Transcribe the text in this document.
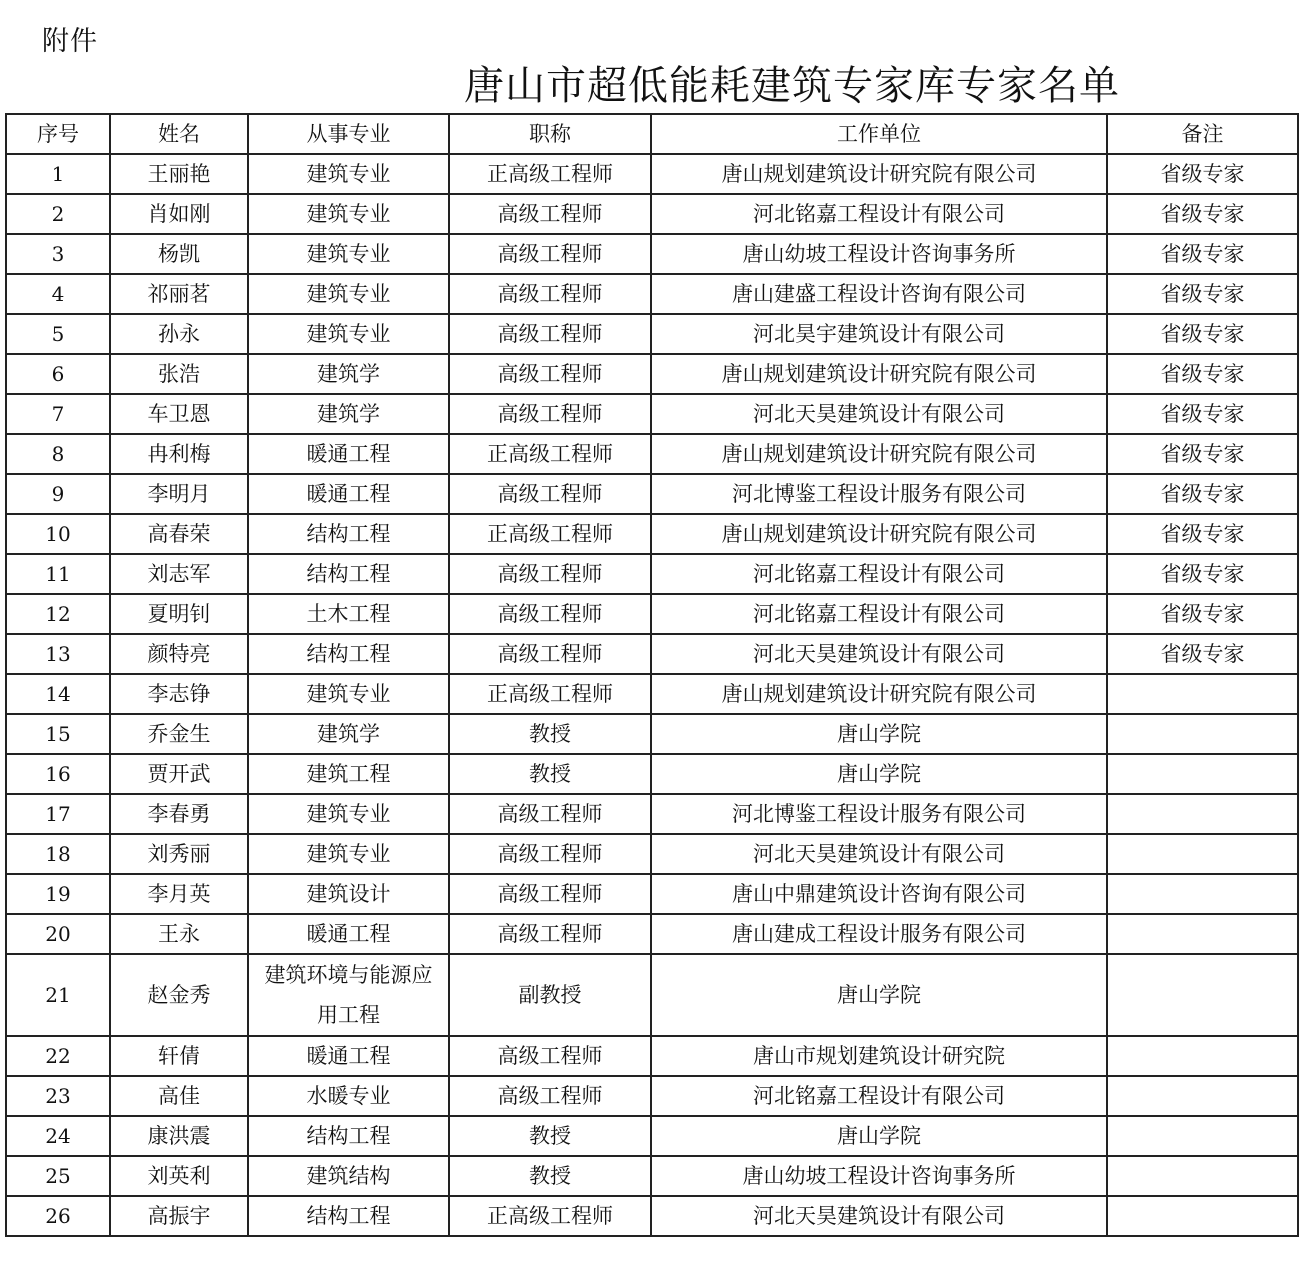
附件
唐山市超低能耗建筑专家库专家名单
序号	姓名	从事专业	职称	工作单位	备注
1	王丽艳	建筑专业	正高级工程师	唐山规划建筑设计研究院有限公司	省级专家
2	肖如刚	建筑专业	高级工程师	河北铭嘉工程设计有限公司	省级专家
3	杨凯	建筑专业	高级工程师	唐山幼坡工程设计咨询事务所	省级专家
4	祁丽茗	建筑专业	高级工程师	唐山建盛工程设计咨询有限公司	省级专家
5	孙永	建筑专业	高级工程师	河北昊宇建筑设计有限公司	省级专家
6	张浩	建筑学	高级工程师	唐山规划建筑设计研究院有限公司	省级专家
7	车卫恩	建筑学	高级工程师	河北天昊建筑设计有限公司	省级专家
8	冉利梅	暖通工程	正高级工程师	唐山规划建筑设计研究院有限公司	省级专家
9	李明月	暖通工程	高级工程师	河北博鉴工程设计服务有限公司	省级专家
10	高春荣	结构工程	正高级工程师	唐山规划建筑设计研究院有限公司	省级专家
11	刘志军	结构工程	高级工程师	河北铭嘉工程设计有限公司	省级专家
12	夏明钊	土木工程	高级工程师	河北铭嘉工程设计有限公司	省级专家
13	颜特亮	结构工程	高级工程师	河北天昊建筑设计有限公司	省级专家
14	李志铮	建筑专业	正高级工程师	唐山规划建筑设计研究院有限公司	
15	乔金生	建筑学	教授	唐山学院	
16	贾开武	建筑工程	教授	唐山学院	
17	李春勇	建筑专业	高级工程师	河北博鉴工程设计服务有限公司	
18	刘秀丽	建筑专业	高级工程师	河北天昊建筑设计有限公司	
19	李月英	建筑设计	高级工程师	唐山中鼎建筑设计咨询有限公司	
20	王永	暖通工程	高级工程师	唐山建成工程设计服务有限公司	
21	赵金秀	建筑环境与能源应用工程	副教授	唐山学院	
22	轩倩	暖通工程	高级工程师	唐山市规划建筑设计研究院	
23	高佳	水暖专业	高级工程师	河北铭嘉工程设计有限公司	
24	康洪震	结构工程	教授	唐山学院	
25	刘英利	建筑结构	教授	唐山幼坡工程设计咨询事务所	
26	高振宇	结构工程	正高级工程师	河北天昊建筑设计有限公司	
